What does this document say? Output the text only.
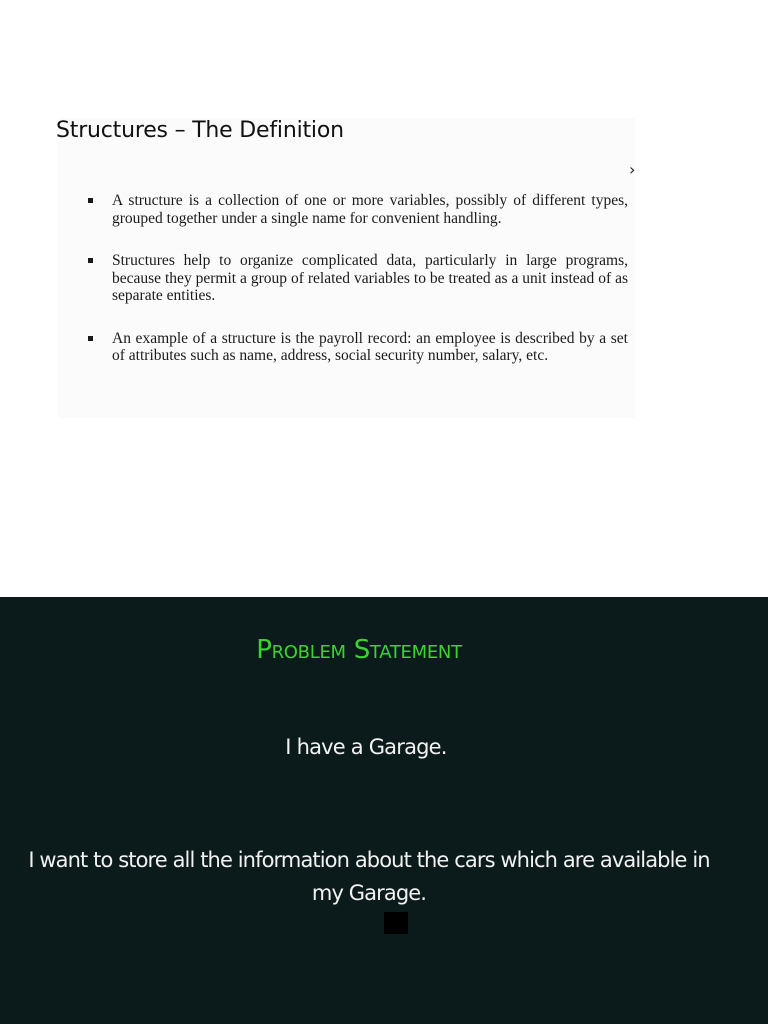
Structures – The Definition
›
A structure is a collection of one or more variables, possibly of different types, grouped together under a single name for convenient handling.
Structures help to organize complicated data, particularly in large programs, because they permit a group of related variables to be treated as a unit instead of as separate entities.
An example of a structure is the payroll record: an employee is described by a set of attributes such as name, address, social security number, salary, etc.
Problem Statement

I have a Garage.

I want to store all the information about the cars which are available in my Garage.
